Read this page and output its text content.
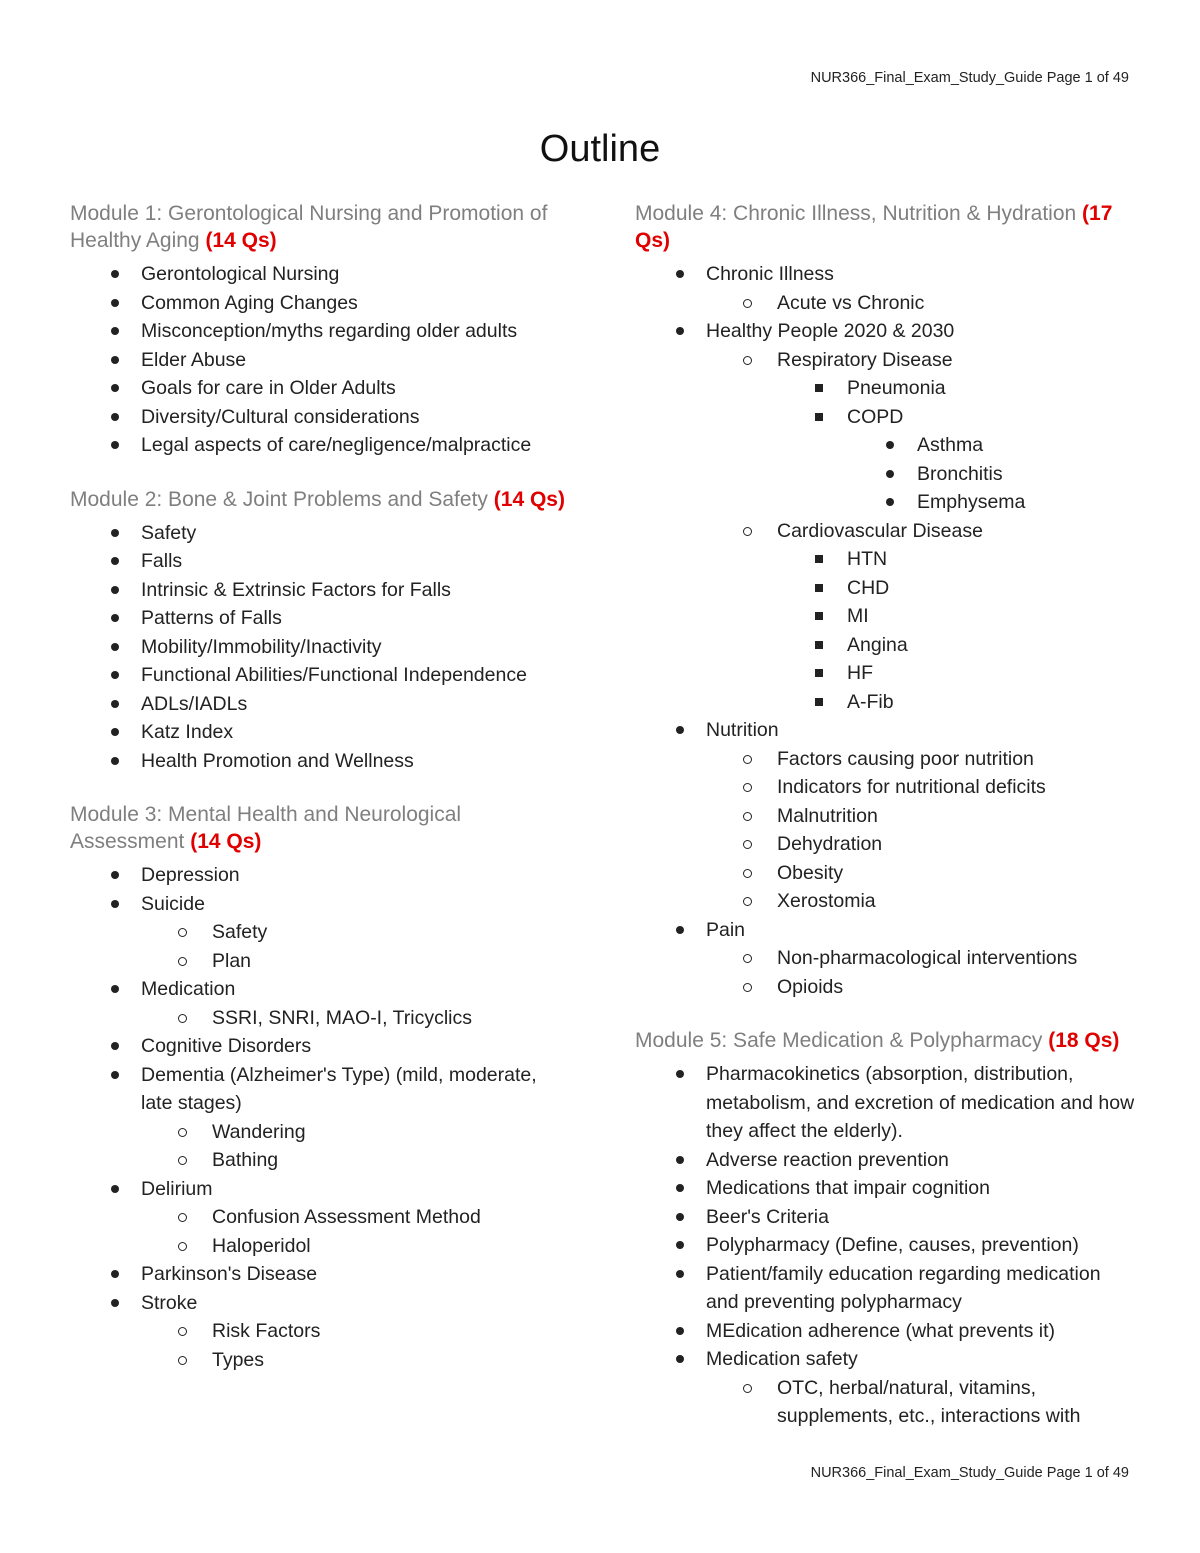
NUR366_Final_Exam_Study_Guide Page 1 of 49
Outline
Module 1: Gerontological Nursing and Promotion of Healthy Aging (14 Qs)
Gerontological Nursing
Common Aging Changes
Misconception/myths regarding older adults
Elder Abuse
Goals for care in Older Adults
Diversity/Cultural considerations
Legal aspects of care/negligence/malpractice
Module 2: Bone & Joint Problems and Safety (14 Qs)
Safety
Falls
Intrinsic & Extrinsic Factors for Falls
Patterns of Falls
Mobility/Immobility/Inactivity
Functional Abilities/Functional Independence
ADLs/IADLs
Katz Index
Health Promotion and Wellness
Module 3: Mental Health and Neurological Assessment (14 Qs)
Depression
Suicide
Safety
Plan
Medication
SSRI, SNRI, MAO-I, Tricyclics
Cognitive Disorders
Dementia (Alzheimer's Type) (mild, moderate, late stages)
Wandering
Bathing
Delirium
Confusion Assessment Method
Haloperidol
Parkinson's Disease
Stroke
Risk Factors
Types
Module 4: Chronic Illness, Nutrition & Hydration (17 Qs)
Chronic Illness
Acute vs Chronic
Healthy People 2020 & 2030
Respiratory Disease
Pneumonia
COPD
Asthma
Bronchitis
Emphysema
Cardiovascular Disease
HTN
CHD
MI
Angina
HF
A-Fib
Nutrition
Factors causing poor nutrition
Indicators for nutritional deficits
Malnutrition
Dehydration
Obesity
Xerostomia
Pain
Non-pharmacological interventions
Opioids
Module 5: Safe Medication & Polypharmacy (18 Qs)
Pharmacokinetics (absorption, distribution, metabolism, and excretion of medication and how they affect the elderly).
Adverse reaction prevention
Medications that impair cognition
Beer's Criteria
Polypharmacy (Define, causes, prevention)
Patient/family education regarding medication and preventing polypharmacy
MEdication adherence (what prevents it)
Medication safety
OTC, herbal/natural, vitamins, supplements, etc., interactions with
NUR366_Final_Exam_Study_Guide Page 1 of 49
